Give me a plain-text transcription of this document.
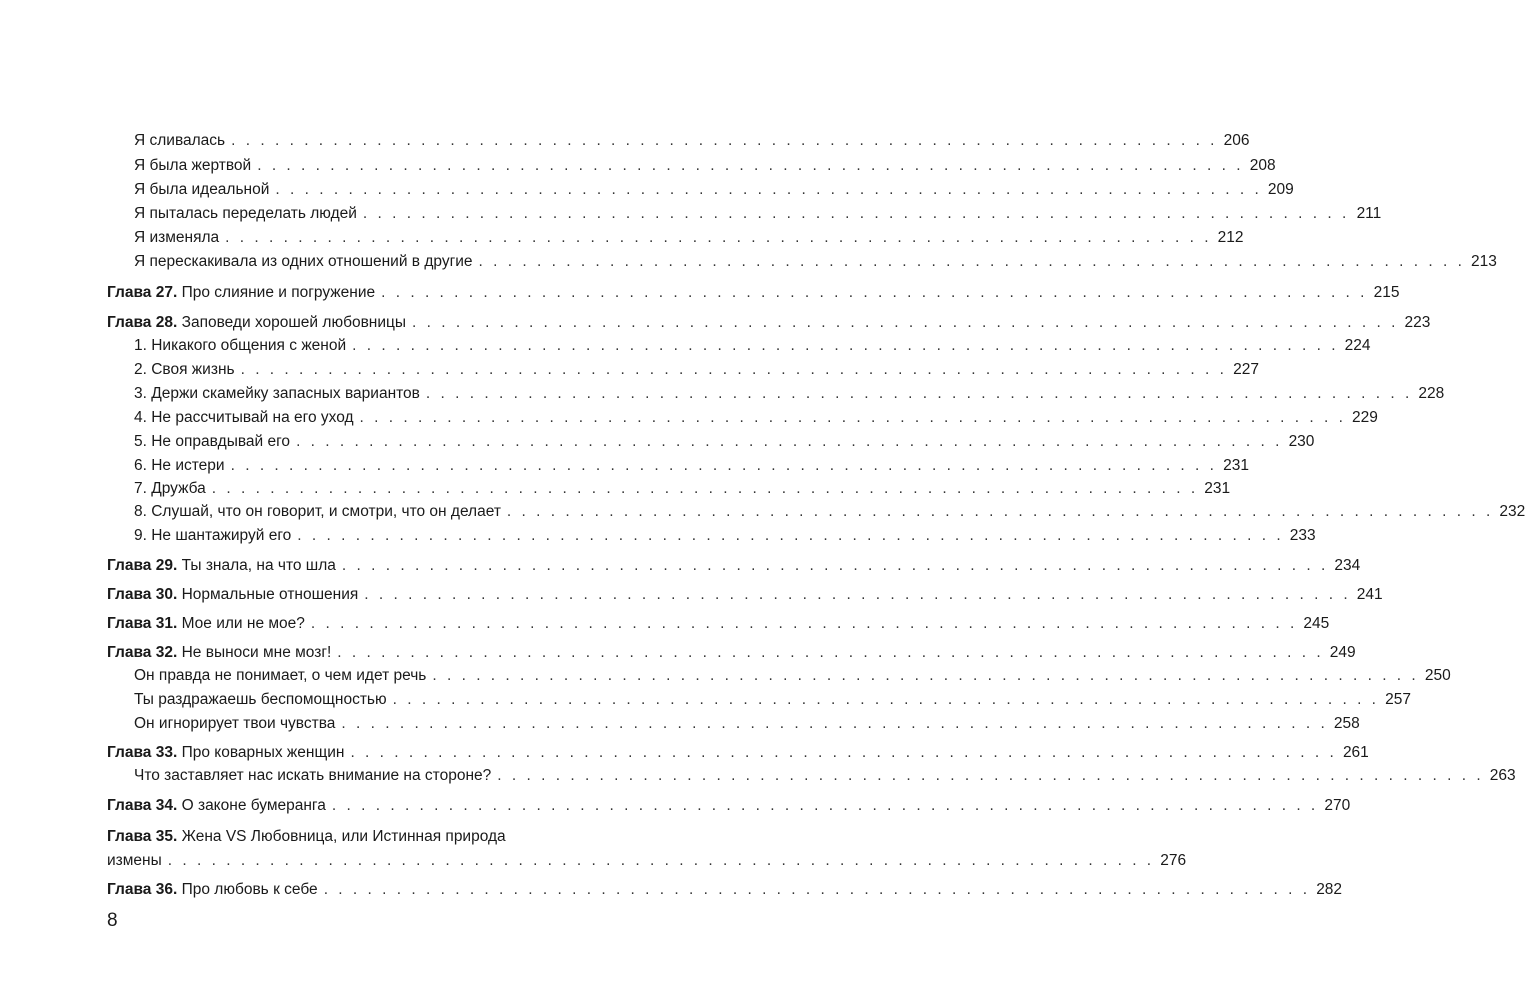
Я сливалась . . . . . . . . . . . . . . . . . . . . . . . . . . . . . . . . . . . . . . . . . . . . . . . . . . . . . . . . . . . . . . . . . . . . 206
Я была жертвой . . . . . . . . . . . . . . . . . . . . . . . . . . . . . . . . . . . . . . . . . . . . . . . . . . . . . . . . . . . . . . . . . . . . 208
Я была идеальной . . . . . . . . . . . . . . . . . . . . . . . . . . . . . . . . . . . . . . . . . . . . . . . . . . . . . . . . . . . . . . . . . . . . 209
Я пыталась переделать людей . . . . . . . . . . . . . . . . . . . . . . . . . . . . . . . . . . . . . . . . . . . . . . . . . . . . . . . . . . . . . . . . . . . . 211
Я изменяла . . . . . . . . . . . . . . . . . . . . . . . . . . . . . . . . . . . . . . . . . . . . . . . . . . . . . . . . . . . . . . . . . . . . 212
Я перескакивала из одних отношений в другие . . . . . . . . . . . . . . . . . . . . . . . . . . . . . . . . . . . . . . . . . . . . . . . . . . . . . . . . . . . . . . . . . . . . 213
Глава 27. Про слияние и погружение . . . . . . . . . . . . . . . . . . . . . . . . . . . . . . . . . . . . . . . . . . . . . . . . . . . . . . . . . . . . . . . . . . . . 215
Глава 28. Заповеди хорошей любовницы . . . . . . . . . . . . . . . . . . . . . . . . . . . . . . . . . . . . . . . . . . . . . . . . . . . . . . . . . . . . . . . . . . . . 223
1. Никакого общения с женой . . . . . . . . . . . . . . . . . . . . . . . . . . . . . . . . . . . . . . . . . . . . . . . . . . . . . . . . . . . . . . . . . . . . 224
2. Своя жизнь . . . . . . . . . . . . . . . . . . . . . . . . . . . . . . . . . . . . . . . . . . . . . . . . . . . . . . . . . . . . . . . . . . . . 227
3. Держи скамейку запасных вариантов . . . . . . . . . . . . . . . . . . . . . . . . . . . . . . . . . . . . . . . . . . . . . . . . . . . . . . . . . . . . . . . . . . . . 228
4. Не рассчитывай на его уход . . . . . . . . . . . . . . . . . . . . . . . . . . . . . . . . . . . . . . . . . . . . . . . . . . . . . . . . . . . . . . . . . . . . 229
5. Не оправдывай его . . . . . . . . . . . . . . . . . . . . . . . . . . . . . . . . . . . . . . . . . . . . . . . . . . . . . . . . . . . . . . . . . . . . 230
6. Не истери . . . . . . . . . . . . . . . . . . . . . . . . . . . . . . . . . . . . . . . . . . . . . . . . . . . . . . . . . . . . . . . . . . . . 231
7. Дружба . . . . . . . . . . . . . . . . . . . . . . . . . . . . . . . . . . . . . . . . . . . . . . . . . . . . . . . . . . . . . . . . . . . . 231
8. Слушай, что он говорит, и смотри, что он делает . . . . . . . . . . . . . . . . . . . . . . . . . . . . . . . . . . . . . . . . . . . . . . . . . . . . . . . . . . . . . . . . . . . . 232
9. Не шантажируй его . . . . . . . . . . . . . . . . . . . . . . . . . . . . . . . . . . . . . . . . . . . . . . . . . . . . . . . . . . . . . . . . . . . . 233
Глава 29. Ты знала, на что шла . . . . . . . . . . . . . . . . . . . . . . . . . . . . . . . . . . . . . . . . . . . . . . . . . . . . . . . . . . . . . . . . . . . . 234
Глава 30. Нормальные отношения . . . . . . . . . . . . . . . . . . . . . . . . . . . . . . . . . . . . . . . . . . . . . . . . . . . . . . . . . . . . . . . . . . . . 241
Глава 31. Мое или не мое? . . . . . . . . . . . . . . . . . . . . . . . . . . . . . . . . . . . . . . . . . . . . . . . . . . . . . . . . . . . . . . . . . . . . 245
Глава 32. Не выноси мне мозг! . . . . . . . . . . . . . . . . . . . . . . . . . . . . . . . . . . . . . . . . . . . . . . . . . . . . . . . . . . . . . . . . . . . . 249
Он правда не понимает, о чем идет речь . . . . . . . . . . . . . . . . . . . . . . . . . . . . . . . . . . . . . . . . . . . . . . . . . . . . . . . . . . . . . . . . . . . . 250
Ты раздражаешь беспомощностью . . . . . . . . . . . . . . . . . . . . . . . . . . . . . . . . . . . . . . . . . . . . . . . . . . . . . . . . . . . . . . . . . . . . 257
Он игнорирует твои чувства . . . . . . . . . . . . . . . . . . . . . . . . . . . . . . . . . . . . . . . . . . . . . . . . . . . . . . . . . . . . . . . . . . . . 258
Глава 33. Про коварных женщин . . . . . . . . . . . . . . . . . . . . . . . . . . . . . . . . . . . . . . . . . . . . . . . . . . . . . . . . . . . . . . . . . . . . 261
Что заставляет нас искать внимание на стороне? . . . . . . . . . . . . . . . . . . . . . . . . . . . . . . . . . . . . . . . . . . . . . . . . . . . . . . . . . . . . . . . . . . . . 263
Глава 34. О законе бумеранга . . . . . . . . . . . . . . . . . . . . . . . . . . . . . . . . . . . . . . . . . . . . . . . . . . . . . . . . . . . . . . . . . . . . 270
Глава 35. Жена VS Любовница, или Истинная природа
измены . . . . . . . . . . . . . . . . . . . . . . . . . . . . . . . . . . . . . . . . . . . . . . . . . . . . . . . . . . . . . . . . . . . . 276
Глава 36. Про любовь к себе . . . . . . . . . . . . . . . . . . . . . . . . . . . . . . . . . . . . . . . . . . . . . . . . . . . . . . . . . . . . . . . . . . . . 282
8
